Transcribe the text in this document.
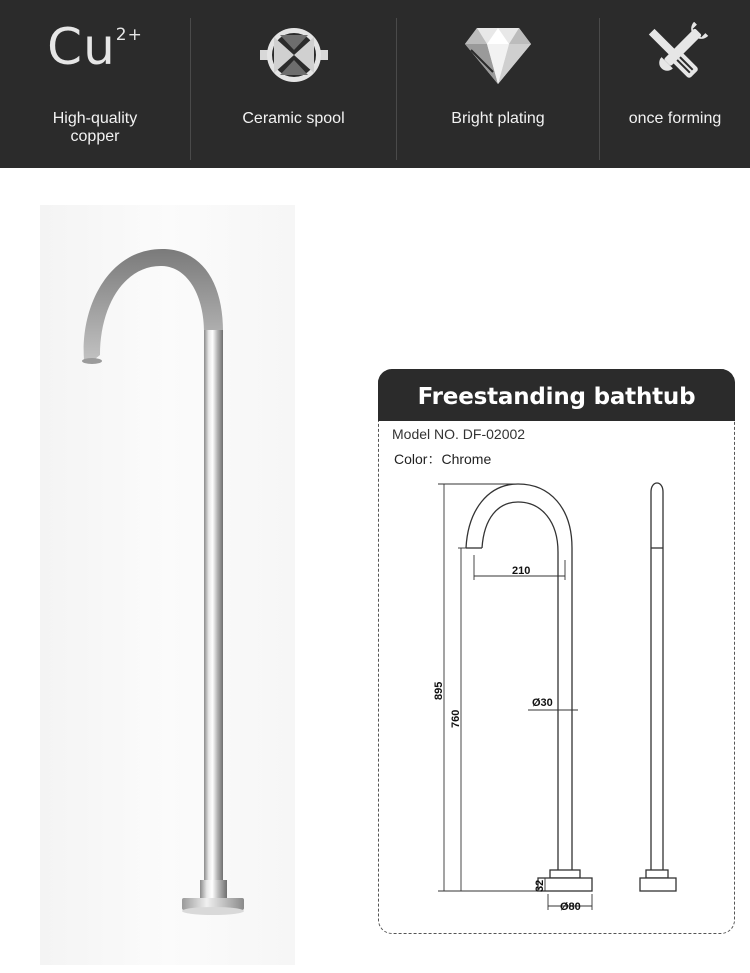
$Cu^{2+}$
High-quality
copper
Ceramic spool	Bright plating	once forming
Freestanding bathtub faucet
Model NO. DF-02002
Color：Chrome
210
895
760
Ø30
32
Ø80
